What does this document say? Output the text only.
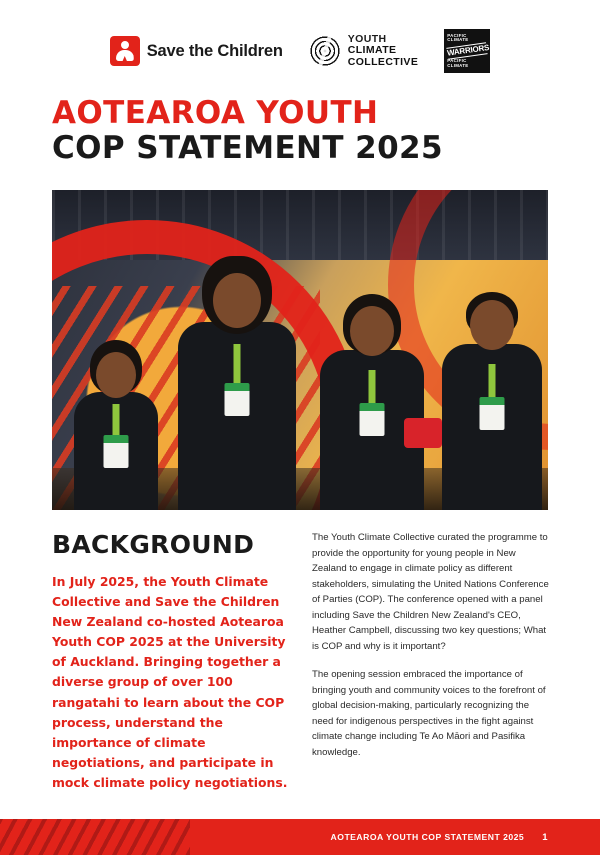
Save the Children
YOUTH
CLIMATE
COLLECTIVE
PACIFIC CLIMATE
WARRIORS
PACIFIC CLIMATE
AOTEAROA YOUTH
COP STATEMENT 2025
BACKGROUND

In July 2025, the Youth Climate Collective and Save the Children New Zealand co-hosted Aotearoa Youth COP 2025 at the University of Auckland. Bringing together a diverse group of over 100 rangatahi to learn about the COP process, understand the importance of climate negotiations, and participate in mock climate policy negotiations.

The Youth Climate Collective curated the programme to provide the opportunity for young people in New Zealand to engage in climate policy as different stakeholders, simulating the United Nations Conference of Parties (COP). The conference opened with a panel including Save the Children New Zealand's CEO, Heather Campbell, discussing two key questions; What is COP and why is it important?

The opening session embraced the importance of bringing youth and community voices to the forefront of global decision-making, particularly recognizing the need for indigenous perspectives in the fight against climate change including Te Ao Māori and Pasifika knowledge.

AOTEAROA YOUTH COP STATEMENT 2025 1
